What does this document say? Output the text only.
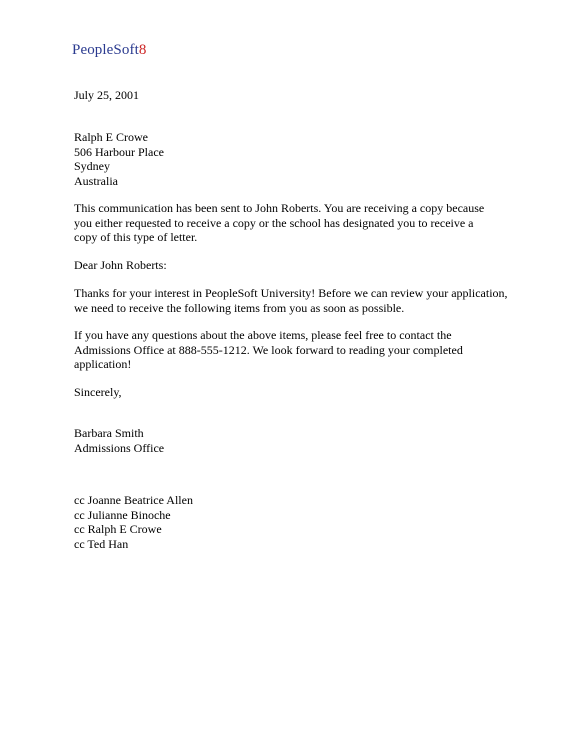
PeopleSoft8
July 25, 2001
Ralph E Crowe
506 Harbour Place
Sydney
Australia
This communication has been sent to John Roberts. You are receiving a copy because
you either requested to receive a copy or the school has designated you to receive a
copy of this type of letter.
Dear John Roberts:
Thanks for your interest in PeopleSoft University! Before we can review your application,
we need to receive the following items from you as soon as possible.
If you have any questions about the above items, please feel free to contact the
Admissions Office at 888-555-1212. We look forward to reading your completed
application!
Sincerely,
Barbara Smith
Admissions Office
cc Joanne Beatrice Allen
cc Julianne Binoche
cc Ralph E Crowe
cc Ted Han
